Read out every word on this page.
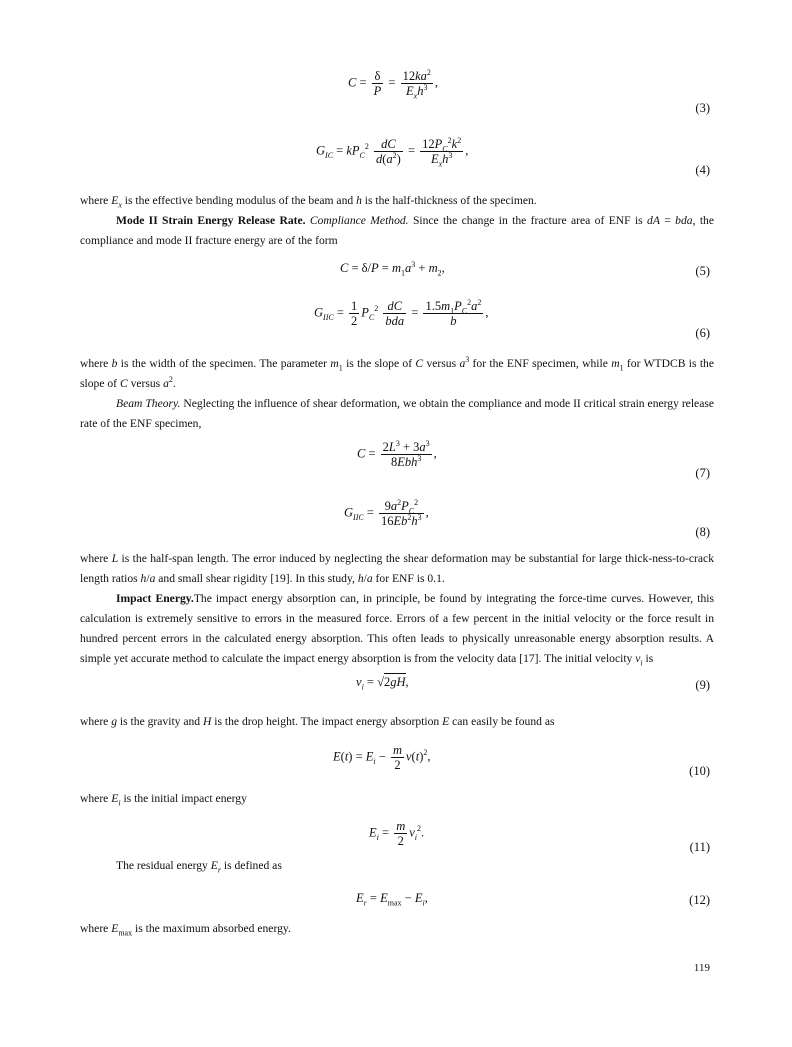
$C = \frac{\delta}{P} = \frac{12ka^2}{E_xh^3}$ ,
(3)
$G_{IC} = kP_C^2 \frac{dC}{d(a^2)} = \frac{12P_C^2k^2}{E_xh^3}$ ,
(4)
where $E_x$ is the effective bending modulus of the beam and h is the half-thickness of the specimen.
Mode II Strain Energy Release Rate. Compliance Method. Since the change in the fracture area of ENF is dA = bda, the compliance and mode II fracture energy are of the form
$C = \delta/P = m_1a^3 + m_2$,	(5)
$G_{IIC} = \frac{1}{2} P_C^2 \frac{dC}{\text{bda}} = \frac{1.5m_1P_C^2a^2}{b}$ ,
(6)
where b is the width of the specimen. The parameter $m_1$ is the slope of C versus $a^3$ for the ENF specimen, while $m_1$ for WTDCB is the slope of C versus $a^2$.
Beam Theory. Neglecting the influence of shear deformation, we obtain the compliance and mode II critical strain energy release rate of the ENF specimen,
$C = \frac{2L^3 + 3a^3}{8Ebh^3}$ ,
(7)
$G_{IIC} = \frac{9a^2P_C^2}{16Eb^2h^3}$ ,
(8)
where L is the half-span length. The error induced by neglecting the shear deformation may be substantial for large thick-ness-to-crack length ratios h/a and small shear rigidity [19]. In this study, h/a for ENF is 0.1.
Impact Energy.The impact energy absorption can, in principle, be found by integrating the force-time curves. However, this calculation is extremely sensitive to errors in the measured force. Errors of a few percent in the initial velocity or the force result in hundred percent errors in the calculated energy absorption. This often leads to physically unreasonable energy absorption results. A simple yet accurate method to calculate the impact energy absorption is from the velocity data [17]. The initial velocity $v_i$ is
$v_i = √2gH$,	(9)
where g is the gravity and H is the drop height. The impact energy absorption E can easily be found as
$E(t) = E_i - \frac{m}{2} v(t)^2$,
(10)
where $E_i$ is the initial impact energy
$E_i = \frac{m}{2} v_i^2$.
(11)
The residual energy $E_r$ is defined as
$E_r = E_{max} - E_i$,	(12)
where $E_{max}$ is the maximum absorbed energy.
119
